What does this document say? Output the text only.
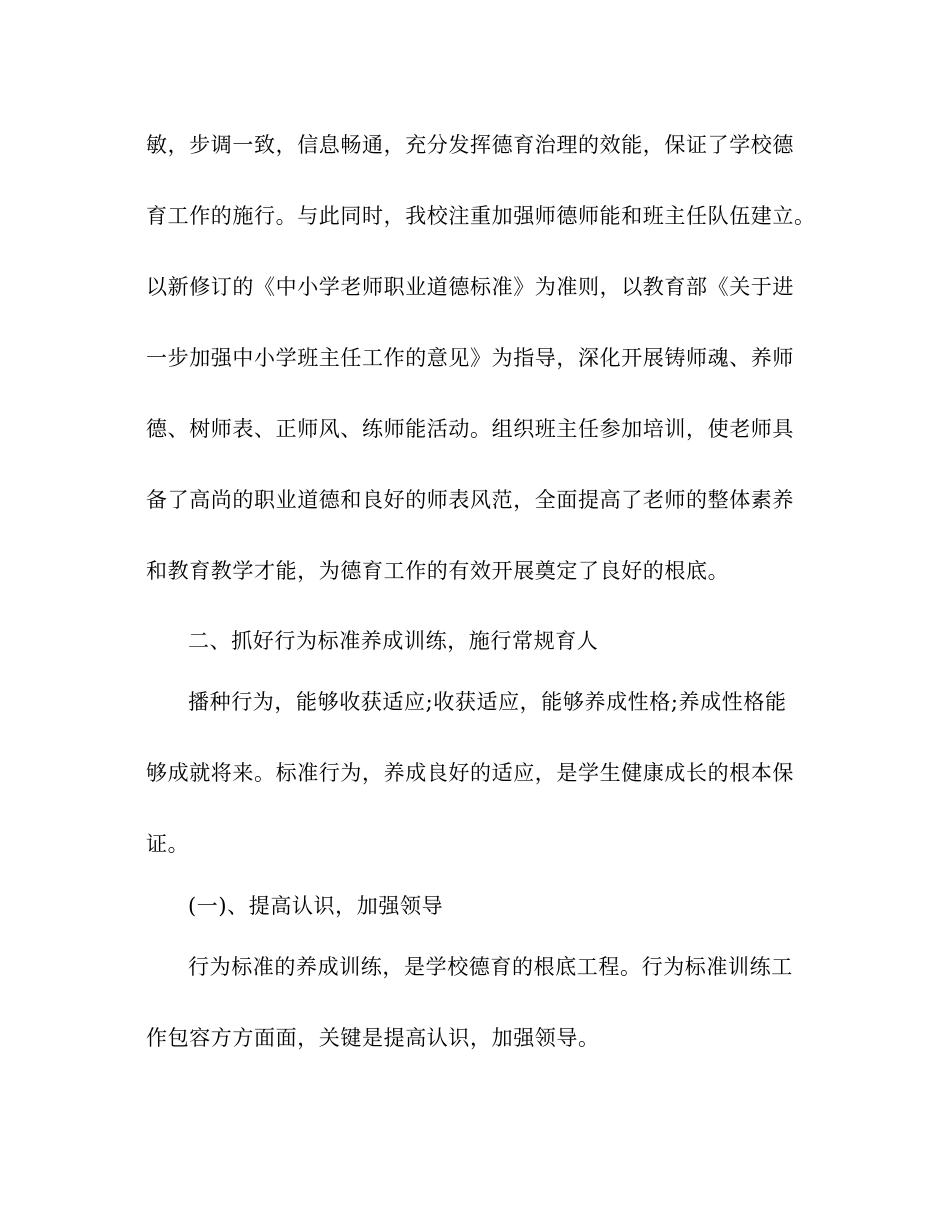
敏，步调一致，信息畅通，充分发挥德育治理的效能，保证了学校德
育工作的施行。与此同时，我校注重加强师德师能和班主任队伍建立。
以新修订的《中小学老师职业道德标准》为准则，以教育部《关于进
一步加强中小学班主任工作的意见》为指导，深化开展铸师魂、养师
德、树师表、正师风、练师能活动。组织班主任参加培训，使老师具
备了高尚的职业道德和良好的师表风范，全面提高了老师的整体素养
和教育教学才能，为德育工作的有效开展奠定了良好的根底。
二、抓好行为标准养成训练，施行常规育人
播种行为，能够收获适应;收获适应，能够养成性格;养成性格能
够成就将来。标准行为，养成良好的适应，是学生健康成长的根本保
证。
(一)、提高认识，加强领导
行为标准的养成训练，是学校德育的根底工程。行为标准训练工
作包容方方面面，关键是提高认识，加强领导。
